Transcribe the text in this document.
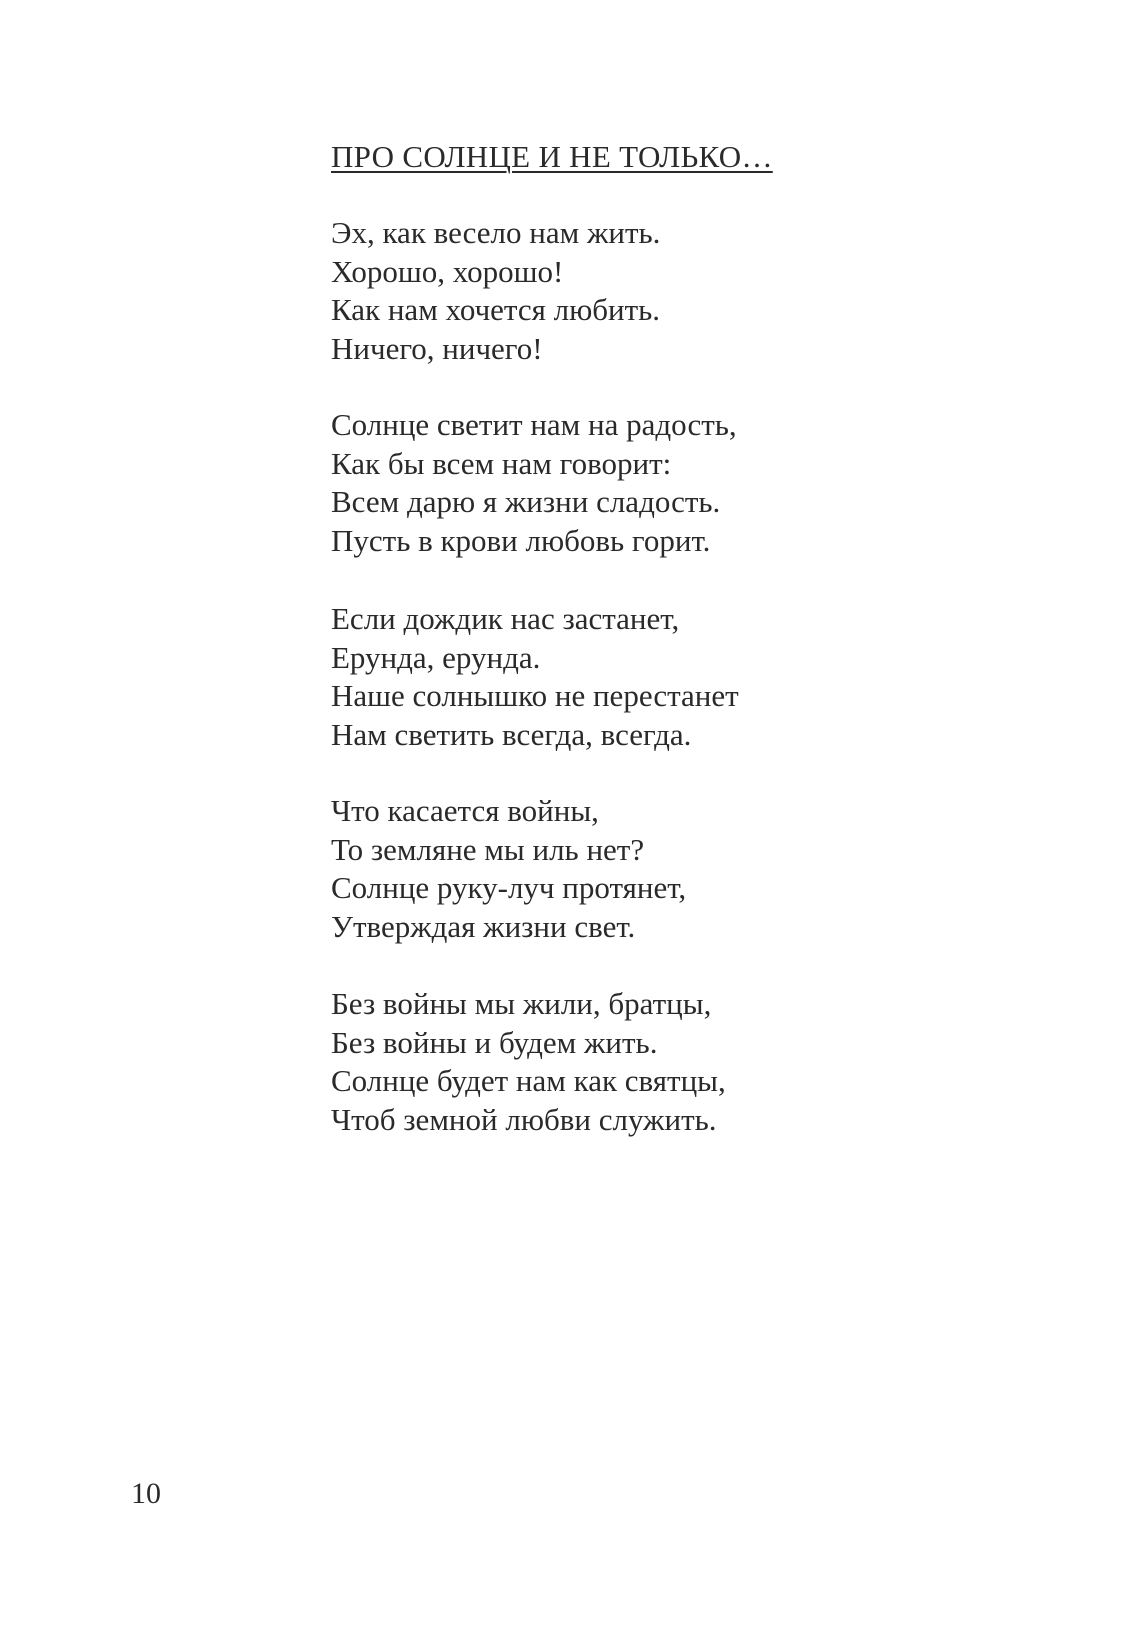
ПРО СОЛНЦЕ И НЕ ТОЛЬКО…
Эх, как весело нам жить.
Хорошо, хорошо!
Как нам хочется любить.
Ничего, ничего!
Солнце светит нам на радость,
Как бы всем нам говорит:
Всем дарю я жизни сладость.
Пусть в крови любовь горит.
Если дождик нас застанет,
Ерунда, ерунда.
Наше солнышко не перестанет
Нам светить всегда, всегда.
Что касается войны,
То земляне мы иль нет?
Солнце руку-луч протянет,
Утверждая жизни свет.
Без войны мы жили, братцы,
Без войны и будем жить.
Солнце будет нам как святцы,
Чтоб земной любви служить.
10
